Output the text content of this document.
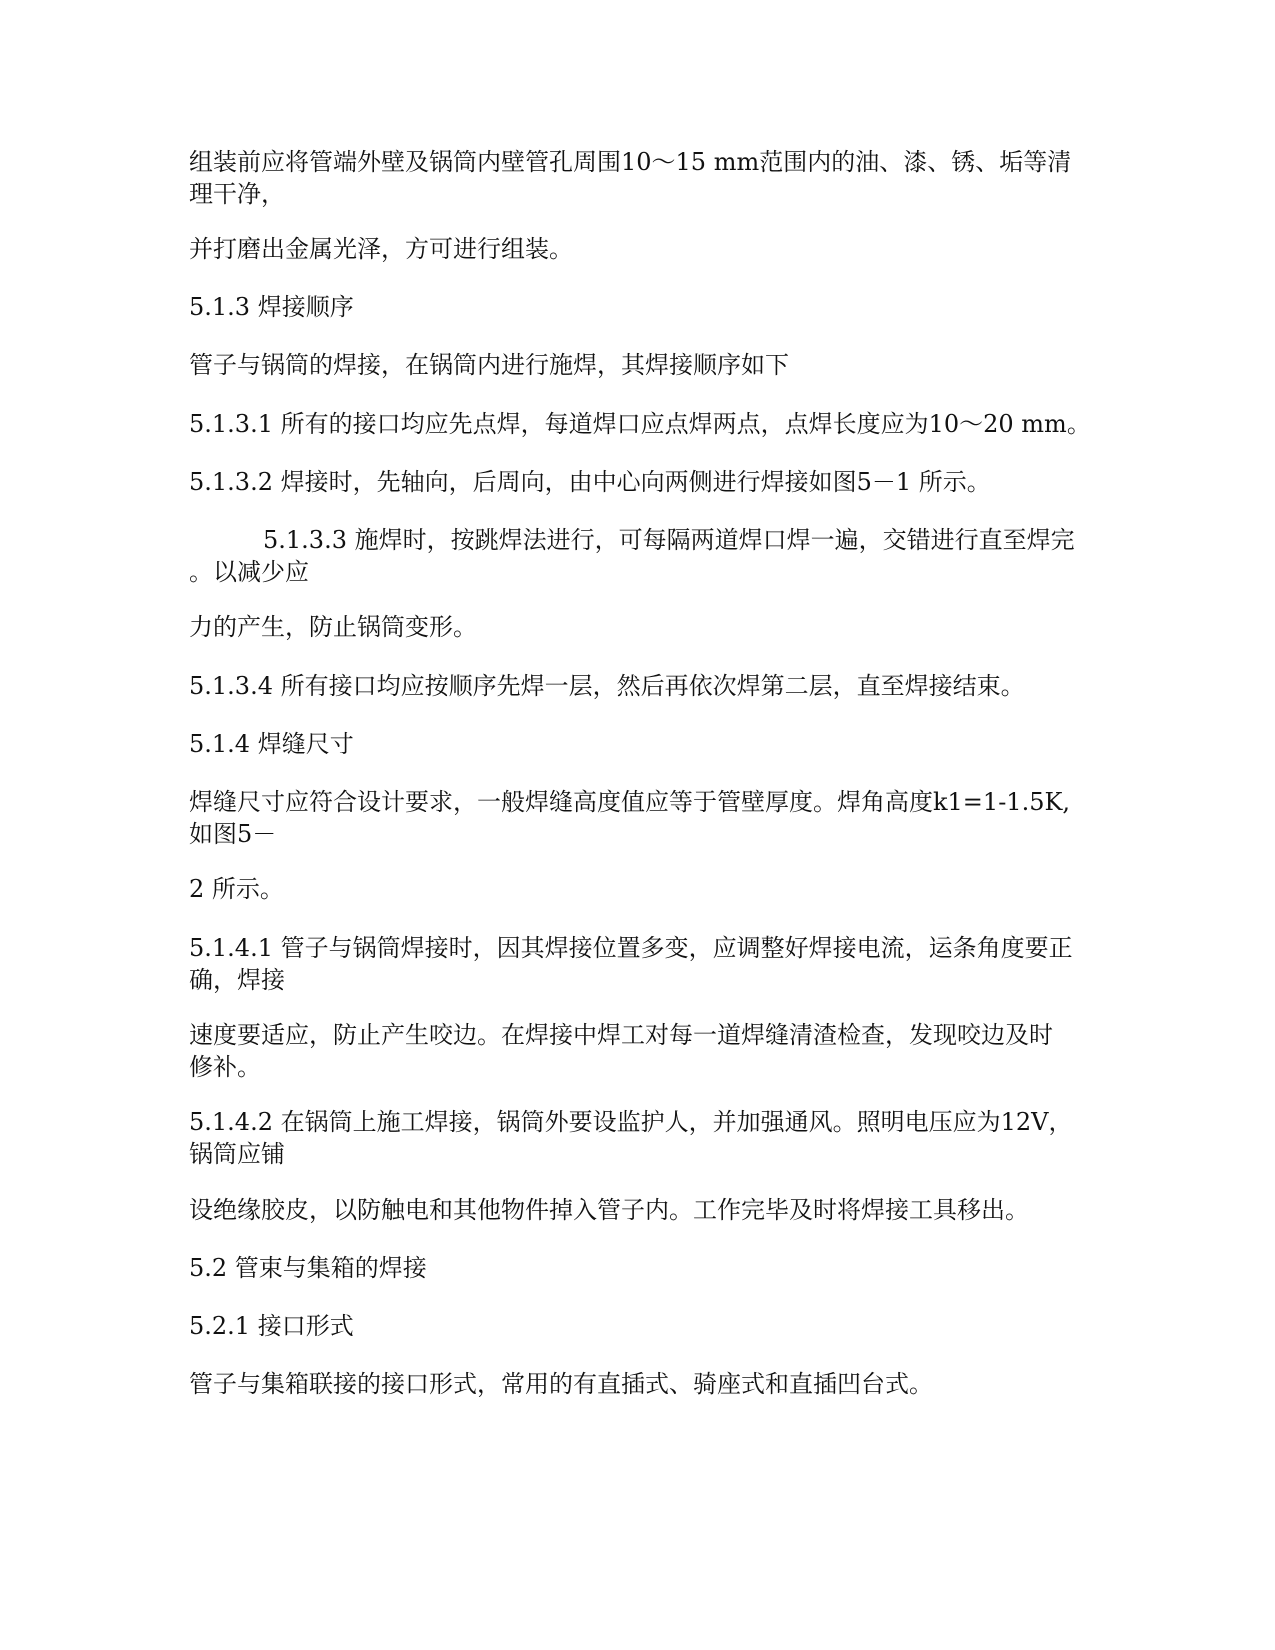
组装前应将管端外壁及锅筒内壁管孔周围10～15 mm范围内的油、漆、锈、垢等清
理干净，

并打磨出金属光泽，方可进行组装。

5.1.3 焊接顺序

管子与锅筒的焊接，在锅筒内进行施焊，其焊接顺序如下

5.1.3.1 所有的接口均应先点焊，每道焊口应点焊两点，点焊长度应为10～20 mm。

5.1.3.2 焊接时，先轴向，后周向，由中心向两侧进行焊接如图5－1 所示。

5.1.3.3 施焊时，按跳焊法进行，可每隔两道焊口焊一遍，交错进行直至焊完
。以减少应

力的产生，防止锅筒变形。

5.1.3.4 所有接口均应按顺序先焊一层，然后再依次焊第二层，直至焊接结束。

5.1.4 焊缝尺寸

焊缝尺寸应符合设计要求，一般焊缝高度值应等于管壁厚度。焊角高度k1=1-1.5K,
如图5－

2 所示。

5.1.4.1 管子与锅筒焊接时，因其焊接位置多变，应调整好焊接电流，运条角度要正
确，焊接

速度要适应，防止产生咬边。在焊接中焊工对每一道焊缝清渣检查，发现咬边及时
修补。

5.1.4.2 在锅筒上施工焊接，锅筒外要设监护人，并加强通风。照明电压应为12V，
锅筒应铺

设绝缘胶皮，以防触电和其他物件掉入管子内。工作完毕及时将焊接工具移出。

5.2 管束与集箱的焊接

5.2.1 接口形式

管子与集箱联接的接口形式，常用的有直插式、骑座式和直插凹台式。
